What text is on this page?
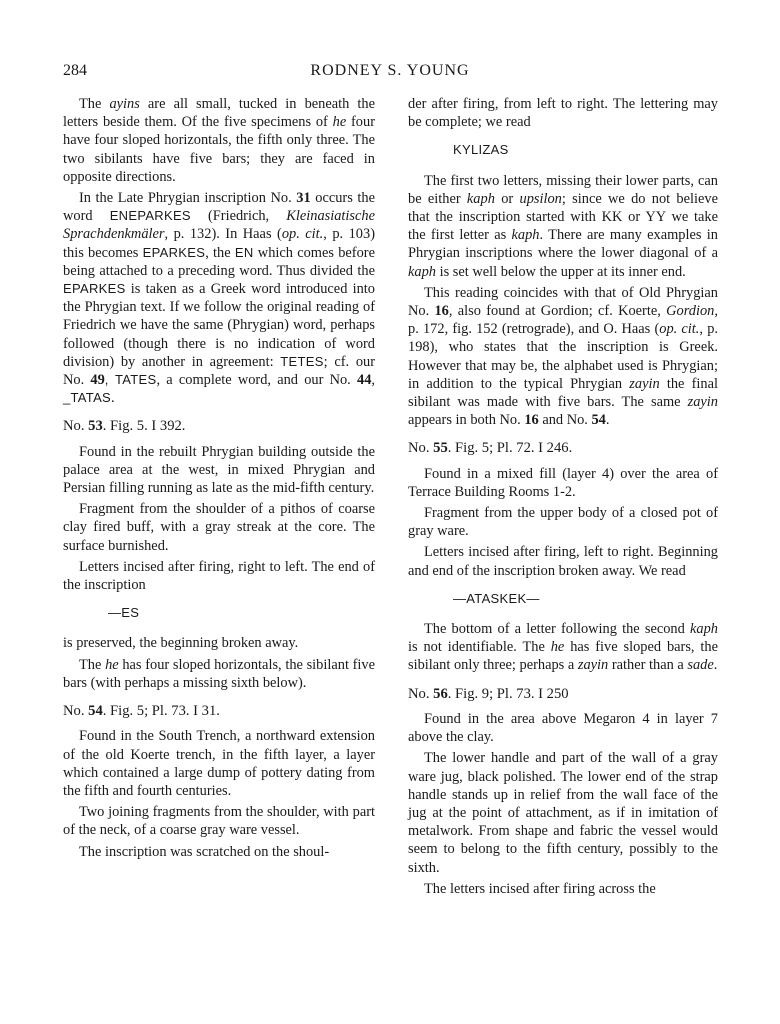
284	RODNEY S. YOUNG

The ayins are all small, tucked in beneath the letters beside them. Of the five specimens of he four have four sloped horizontals, the fifth only three. The two sibilants have five bars; they are faced in opposite directions.

In the Late Phrygian inscription No. 31 occurs the word ENEPARKES (Friedrich, Kleinasiatische Sprachdenkmäler, p. 132). In Haas (op. cit., p. 103) this becomes EPARKES, the EN which comes before being attached to a preceding word. Thus divided the EPARKES is taken as a Greek word introduced into the Phrygian text. If we follow the original reading of Friedrich we have the same (Phrygian) word, perhaps followed (though there is no indication of word division) by another in agreement: TETES; cf. our No. 49, TATES, a complete word, and our No. 44, _TATAS.

No. 53. Fig. 5. I 392.

Found in the rebuilt Phrygian building outside the palace area at the west, in mixed Phrygian and Persian filling running as late as the mid-fifth century.

Fragment from the shoulder of a pithos of coarse clay fired buff, with a gray streak at the core. The surface burnished.

Letters incised after firing, right to left. The end of the inscription

—ES

is preserved, the beginning broken away.

The he has four sloped horizontals, the sibilant five bars (with perhaps a missing sixth below).

No. 54. Fig. 5; Pl. 73. I 31.

Found in the South Trench, a northward extension of the old Koerte trench, in the fifth layer, a layer which contained a large dump of pottery dating from the fifth and fourth centuries.

Two joining fragments from the shoulder, with part of the neck, of a coarse gray ware vessel.

The inscription was scratched on the shoul-

der after firing, from left to right. The lettering may be complete; we read

KYLIZAS

The first two letters, missing their lower parts, can be either kaph or upsilon; since we do not believe that the inscription started with KK or YY we take the first letter as kaph. There are many examples in Phrygian inscriptions where the lower diagonal of a kaph is set well below the upper at its inner end.

This reading coincides with that of Old Phrygian No. 16, also found at Gordion; cf. Koerte, Gordion, p. 172, fig. 152 (retrograde), and O. Haas (op. cit., p. 198), who states that the inscription is Greek. However that may be, the alphabet used is Phrygian; in addition to the typical Phrygian zayin the final sibilant was made with five bars. The same zayin appears in both No. 16 and No. 54.

No. 55. Fig. 5; Pl. 72. I 246.

Found in a mixed fill (layer 4) over the area of Terrace Building Rooms 1-2.

Fragment from the upper body of a closed pot of gray ware.

Letters incised after firing, left to right. Beginning and end of the inscription broken away. We read

—ATASKEK—

The bottom of a letter following the second kaph is not identifiable. The he has five sloped bars, the sibilant only three; perhaps a zayin rather than a sade.

No. 56. Fig. 9; Pl. 73. I 250

Found in the area above Megaron 4 in layer 7 above the clay.

The lower handle and part of the wall of a gray ware jug, black polished. The lower end of the strap handle stands up in relief from the wall face of the jug at the point of attachment, as if in imitation of metalwork. From shape and fabric the vessel would seem to belong to the fifth century, possibly to the sixth.

The letters incised after firing across the
